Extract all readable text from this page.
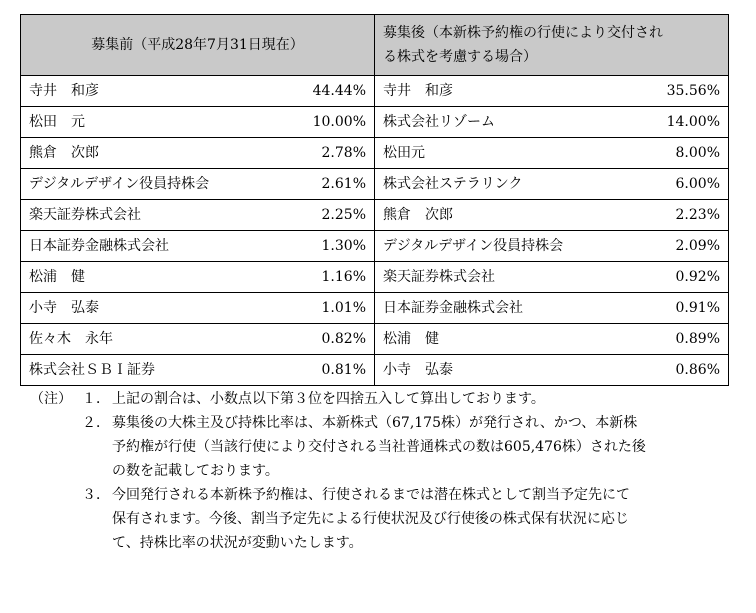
募集前（平成28年7月31日現在）	募集後（本新株予約権の行使により交付され
る株式を考慮する場合）

寺井　和彦 44.44%	寺井　和彦 35.56%

松田　元 10.00%	株式会社リゾーム 14.00%

熊倉　次郎 2.78%	松田元 8.00%

デジタルデザイン役員持株会 2.61%	株式会社ステラリンク 6.00%

楽天証券株式会社 2.25%	熊倉　次郎 2.23%

日本証券金融株式会社 1.30%	デジタルデザイン役員持株会 2.09%

松浦　健 1.16%	楽天証券株式会社 0.92%

小寺　弘泰 1.01%	日本証券金融株式会社 0.91%

佐々木　永年 0.82%	松浦　健 0.89%

株式会社ＳＢＩ証券 0.81%	小寺　弘泰 0.86%
（注） １． 上記の割合は、小数点以下第３位を四捨五入して算出しております。
２． 募集後の大株主及び持株比率は、本新株式（67,175株）が発行され、かつ、本新株
予約権が行使（当該行使により交付される当社普通株式の数は605,476株）された後
の数を記載しております。
３． 今回発行される本新株予約権は、行使されるまでは潜在株式として割当予定先にて
保有されます。今後、割当予定先による行使状況及び行使後の株式保有状況に応じ
て、持株比率の状況が変動いたします。
